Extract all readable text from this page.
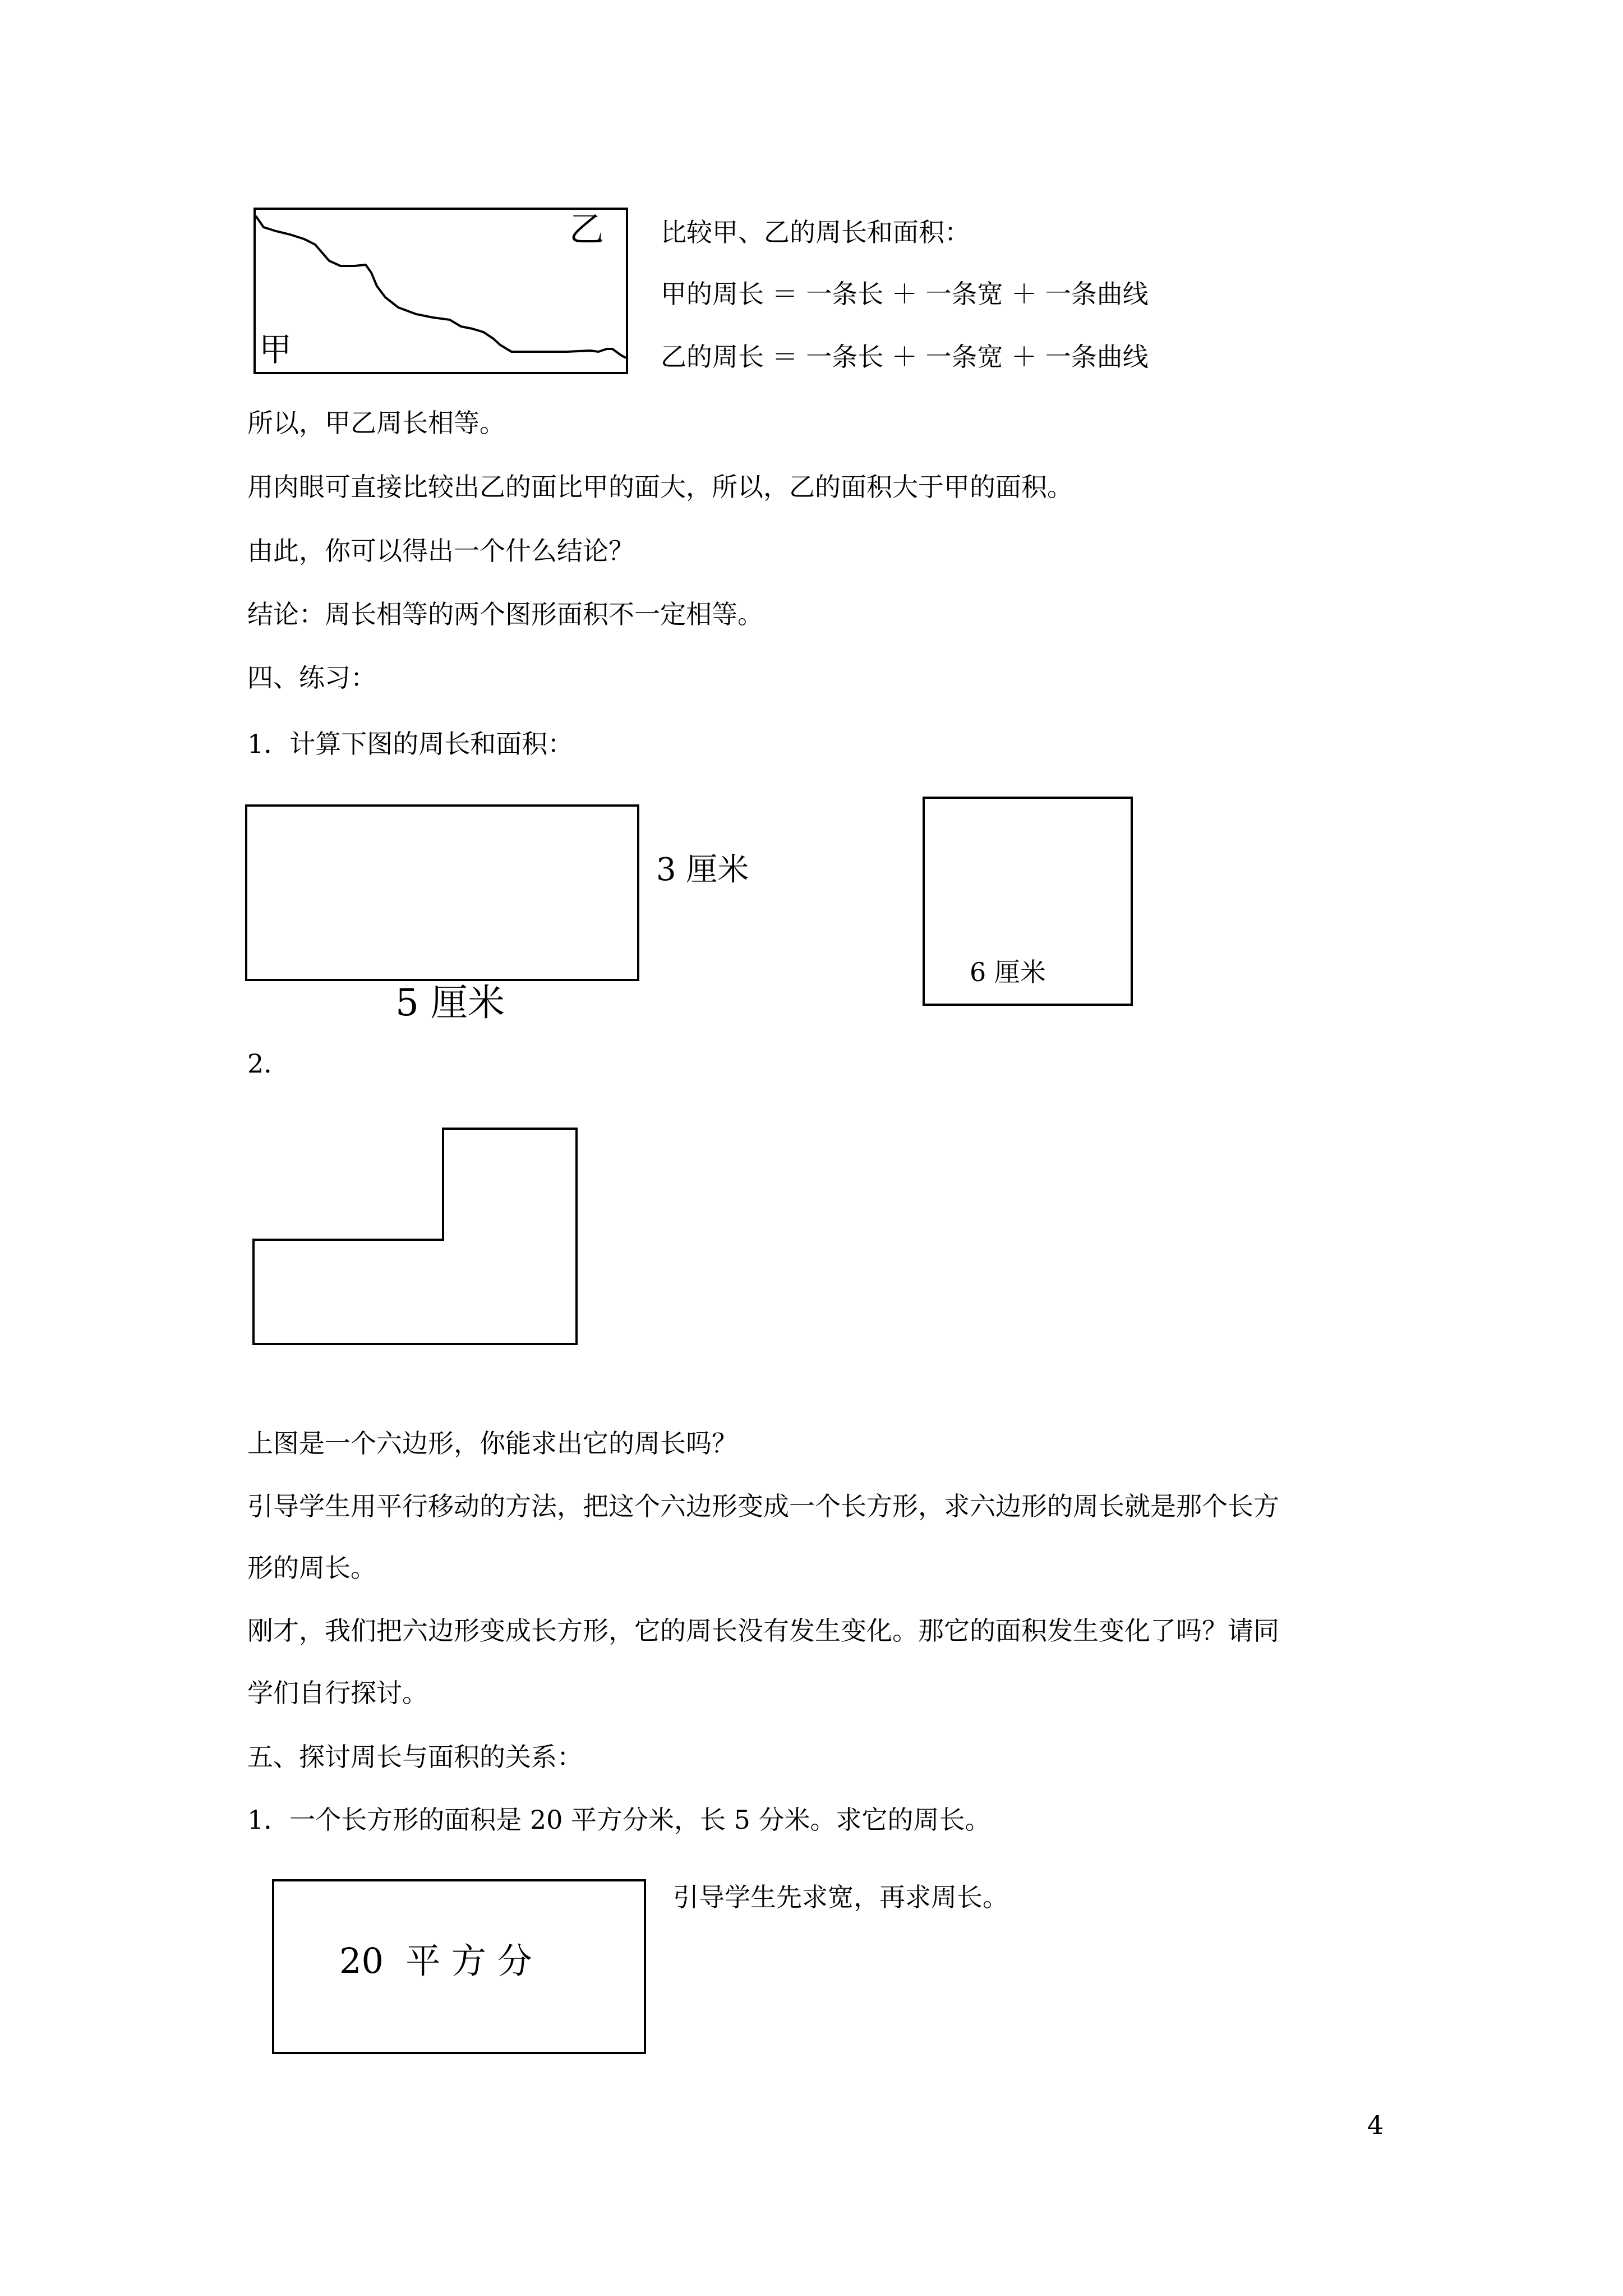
乙
甲
比较甲、乙的周长和面积：
甲的周长 ＝ 一条长 ＋ 一条宽 ＋ 一条曲线
乙的周长 ＝ 一条长 ＋ 一条宽 ＋ 一条曲线
所以，甲乙周长相等。
用肉眼可直接比较出乙的面比甲的面大，所以，乙的面积大于甲的面积。
由此，你可以得出一个什么结论？
结论：周长相等的两个图形面积不一定相等。
四、练习：
1．计算下图的周长和面积：
3 厘米
5 厘米
6 厘米
2．
上图是一个六边形，你能求出它的周长吗？
引导学生用平行移动的方法，把这个六边形变成一个长方形，求六边形的周长就是那个长方
形的周长。
刚才，我们把六边形变成长方形，它的周长没有发生变化。那它的面积发生变化了吗？请同
学们自行探讨。
五、探讨周长与面积的关系：
1．一个长方形的面积是 20 平方分米，长 5 分米。求它的周长。
20  平 方 分
引导学生先求宽，再求周长。
4
